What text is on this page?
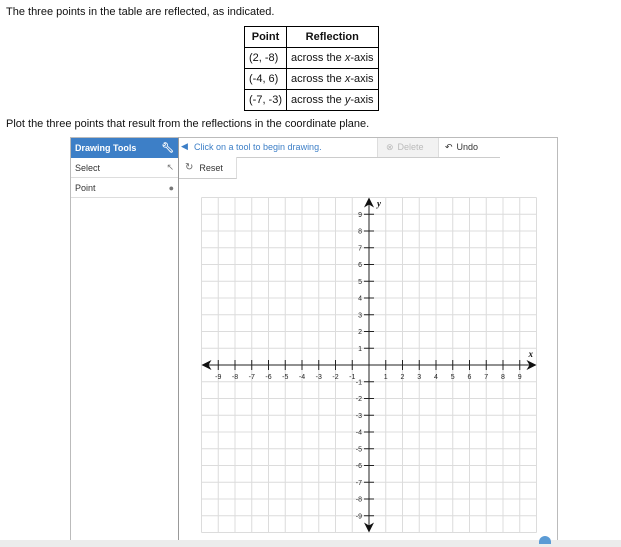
The three points in the table are reflected, as indicated.
Point	Reflection
(2, -8)	across the x-axis
(-4, 6)	across the x-axis
(-7, -3)	across the y-axis
Plot the three points that result from the reflections in the coordinate plane.
Drawing Tools 🔧︎
Select	↖
Point	●
◀ Click on a tool to begin drawing.	⊗ Delete ↶ Undo
↻ Reset
-9 -8 -7 -6 -5 -4 -3 -2 -1	1 2 3 4 5 6 7 8 9
9
8
7
6
5
4
3
2
1
-1
-2
-3
-4
-5
-6
-7
-8
-9
x
y
